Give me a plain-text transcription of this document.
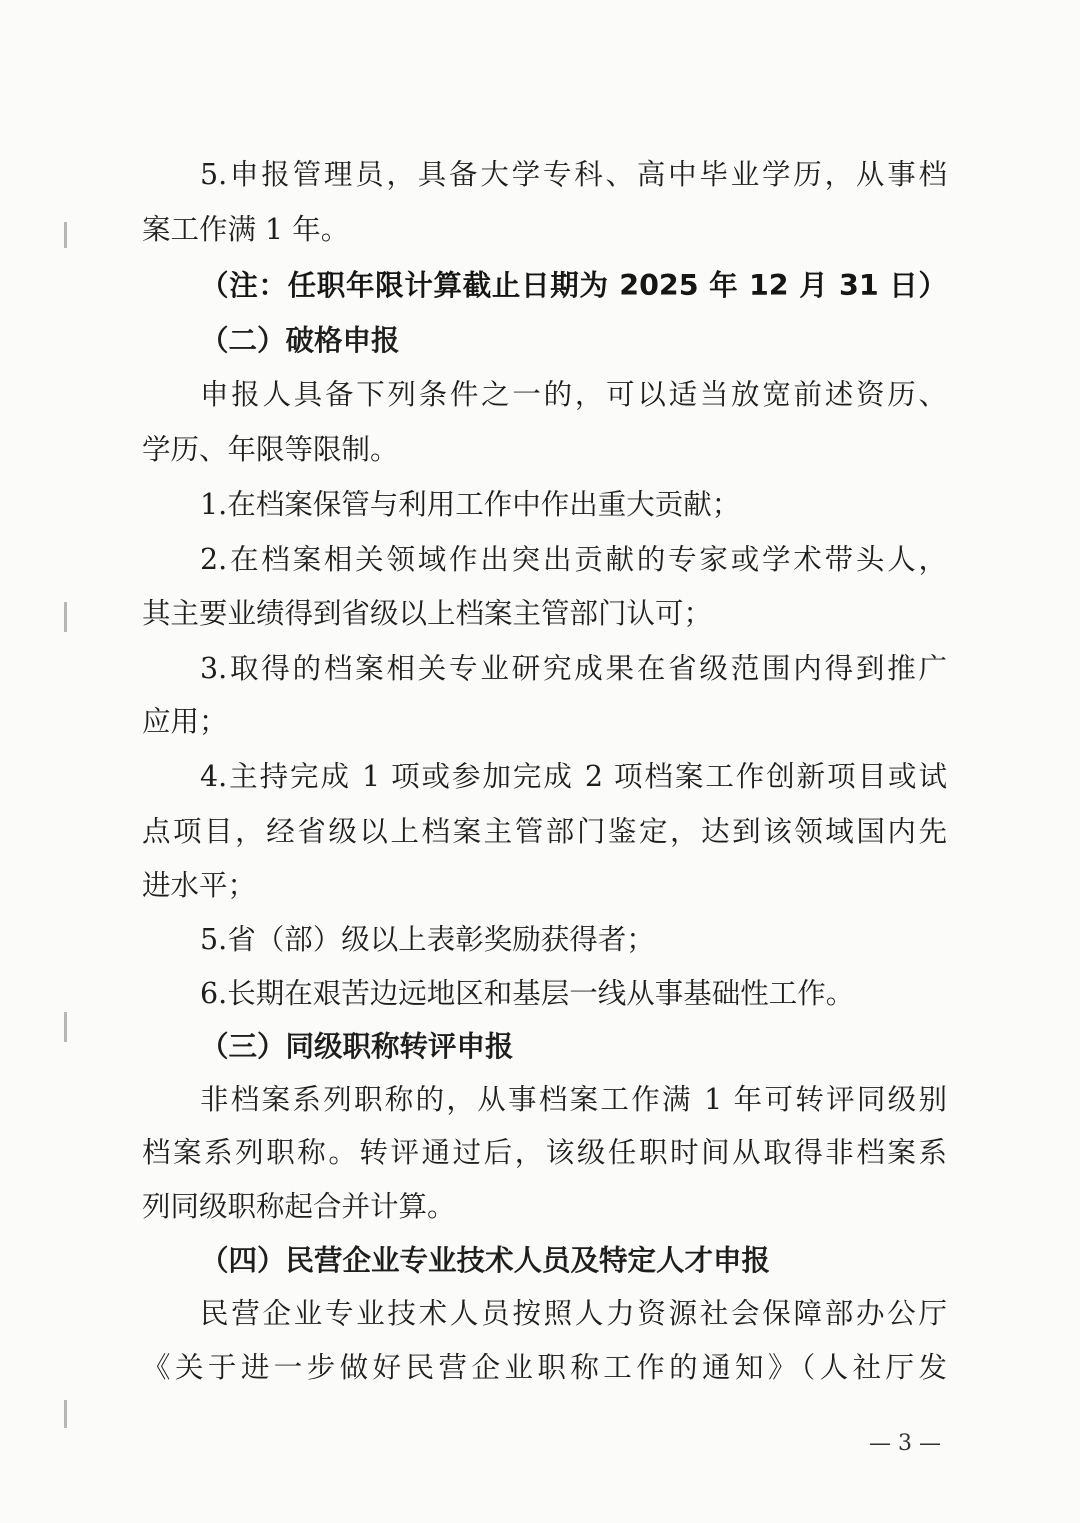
5.申报管理员，具备大学专科、高中毕业学历，从事档
案工作满 1 年。
（注：任职年限计算截止日期为 2025 年 12 月 31 日）
（二）破格申报
申报人具备下列条件之一的，可以适当放宽前述资历、
学历、年限等限制。
1.在档案保管与利用工作中作出重大贡献；
2.在档案相关领域作出突出贡献的专家或学术带头人，
其主要业绩得到省级以上档案主管部门认可；
3.取得的档案相关专业研究成果在省级范围内得到推广
应用；
4.主持完成 1 项或参加完成 2 项档案工作创新项目或试
点项目，经省级以上档案主管部门鉴定，达到该领域国内先
进水平；
5.省（部）级以上表彰奖励获得者；
6.长期在艰苦边远地区和基层一线从事基础性工作。
（三）同级职称转评申报
非档案系列职称的，从事档案工作满 1 年可转评同级别
档案系列职称。转评通过后，该级任职时间从取得非档案系
列同级职称起合并计算。
（四）民营企业专业技术人员及特定人才申报
民营企业专业技术人员按照人力资源社会保障部办公厅
《关于进一步做好民营企业职称工作的通知》（人社厅发
— 3 —
